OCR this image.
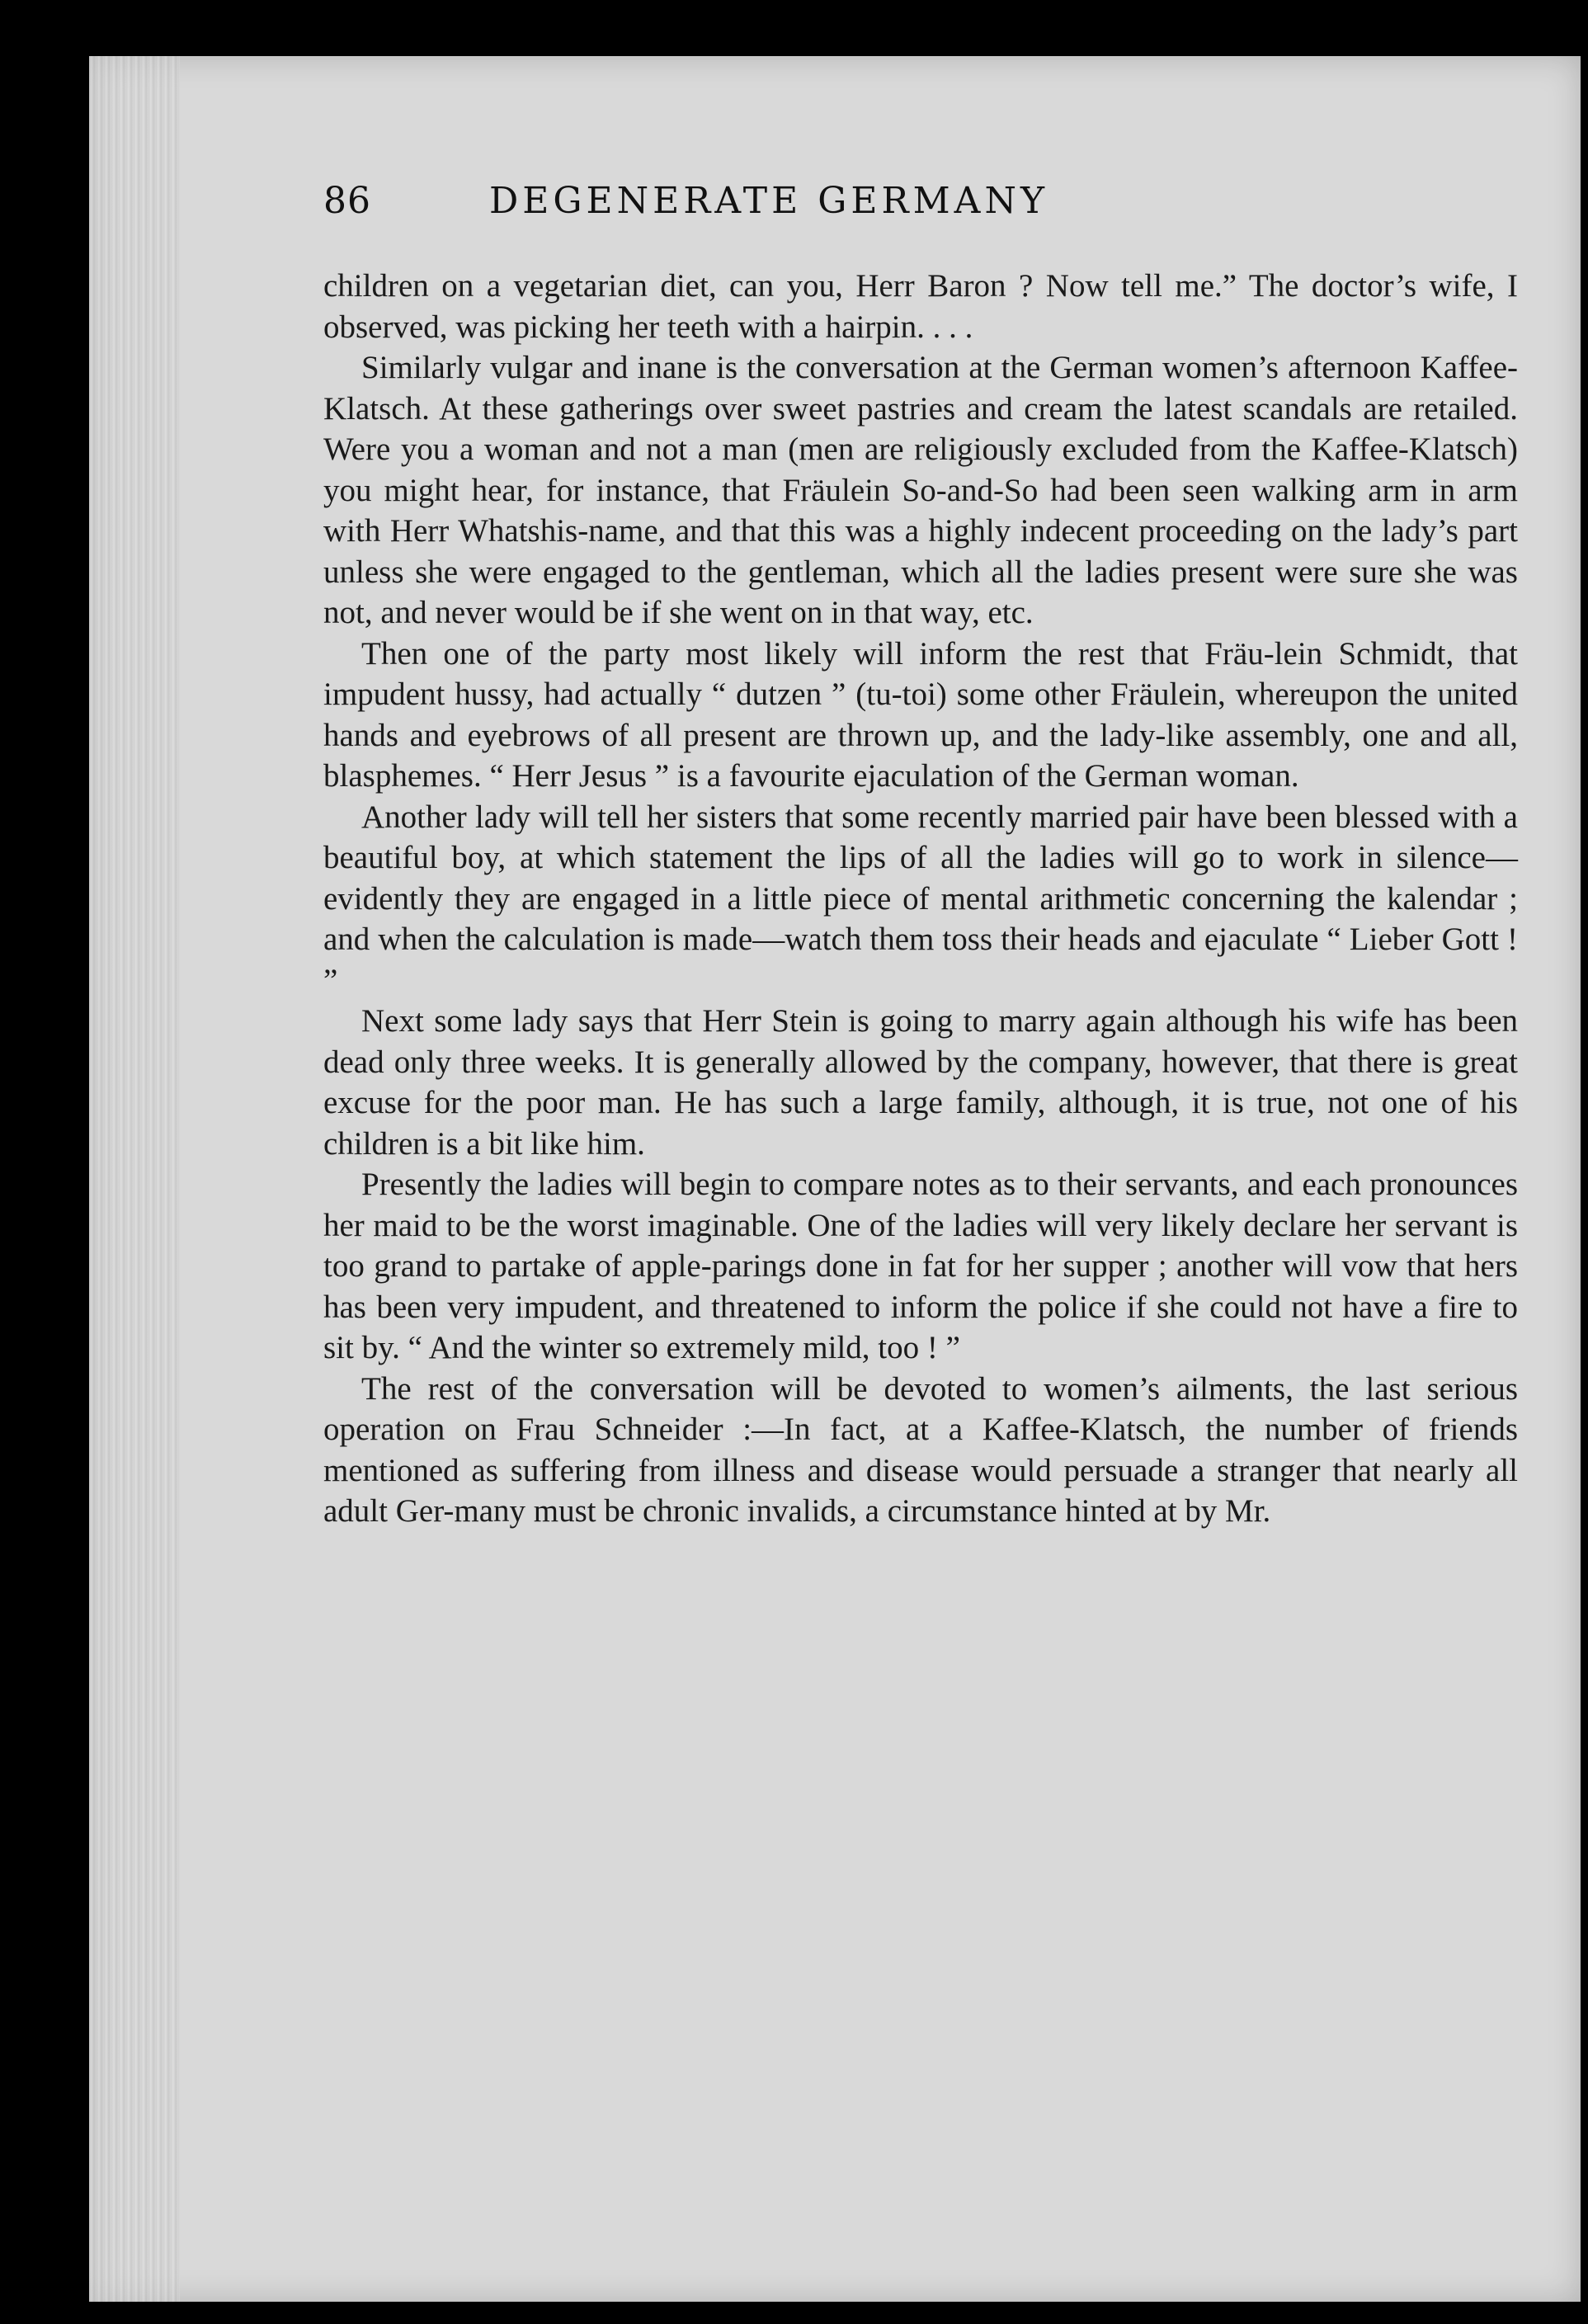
86	DEGENERATE GERMANY

children on a vegetarian diet, can you, Herr Baron ? Now tell me.” The doctor’s wife, I observed, was picking her teeth with a hairpin. . . .

Similarly vulgar and inane is the conversation at the German women’s afternoon Kaffee-Klatsch. At these gatherings over sweet pastries and cream the latest scandals are retailed. Were you a woman and not a man (men are religiously excluded from the Kaffee-Klatsch) you might hear, for instance, that Fräulein So-and-So had been seen walking arm in arm with Herr Whatshis-name, and that this was a highly indecent proceeding on the lady’s part unless she were engaged to the gentleman, which all the ladies present were sure she was not, and never would be if she went on in that way, etc.

Then one of the party most likely will inform the rest that Fräu-lein Schmidt, that impudent hussy, had actually “ dutzen ” (tu-toi) some other Fräulein, whereupon the united hands and eyebrows of all present are thrown up, and the lady-like assembly, one and all, blasphemes. “ Herr Jesus ” is a favourite ejaculation of the German woman.

Another lady will tell her sisters that some recently married pair have been blessed with a beautiful boy, at which statement the lips of all the ladies will go to work in silence—evidently they are engaged in a little piece of mental arithmetic concerning the kalendar ; and when the calculation is made—watch them toss their heads and ejaculate “ Lieber Gott ! ”

Next some lady says that Herr Stein is going to marry again although his wife has been dead only three weeks. It is generally allowed by the company, however, that there is great excuse for the poor man. He has such a large family, although, it is true, not one of his children is a bit like him.

Presently the ladies will begin to compare notes as to their servants, and each pronounces her maid to be the worst imaginable. One of the ladies will very likely declare her servant is too grand to partake of apple-parings done in fat for her supper ; another will vow that hers has been very impudent, and threatened to inform the police if she could not have a fire to sit by. “ And the winter so extremely mild, too ! ”

The rest of the conversation will be devoted to women’s ailments, the last serious operation on Frau Schneider :—In fact, at a Kaffee-Klatsch, the number of friends mentioned as suffering from illness and disease would persuade a stranger that nearly all adult Ger-many must be chronic invalids, a circumstance hinted at by Mr.
